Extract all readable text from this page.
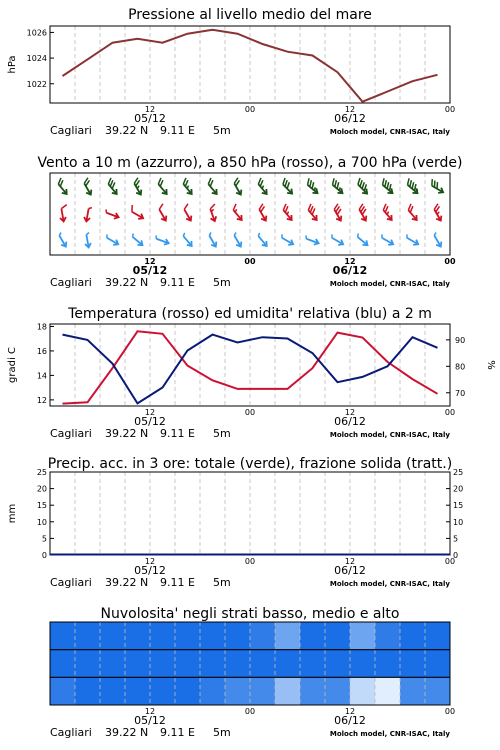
Pressione al livello medio del mare
12	00	12	00
05/12	06/12
Cagliari 39.22 N 9.11 E 5m	Moloch model, CNR-ISAC, Italy
1022
1024
1026
hPa
Vento a 10 m (azzurro), a 850 hPa (rosso), a 700 hPa (verde)
12	00	12	00
05/12	06/12
Cagliari 39.22 N 9.11 E 5m	Moloch model, CNR-ISAC, Italy
Temperatura (rosso) ed umidita' relativa (blu) a 2 m
12	00	12	00
05/12	06/12
Cagliari 39.22 N 9.11 E 5m	Moloch model, CNR-ISAC, Italy
12
14
16
18
70
80
90
gradi C	%
Precip. acc. in 3 ore: totale (verde), frazione solida (tratt.)
12	00	12	00
05/12	06/12
Cagliari 39.22 N 9.11 E 5m	Moloch model, CNR-ISAC, Italy
0	0
5	5
10	10
15	15
20	20
25	25
mm
Nuvolosita' negli strati basso, medio e alto
12	00	12	00
05/12	06/12
Cagliari 39.22 N 9.11 E 5m	Moloch model, CNR-ISAC, Italy
